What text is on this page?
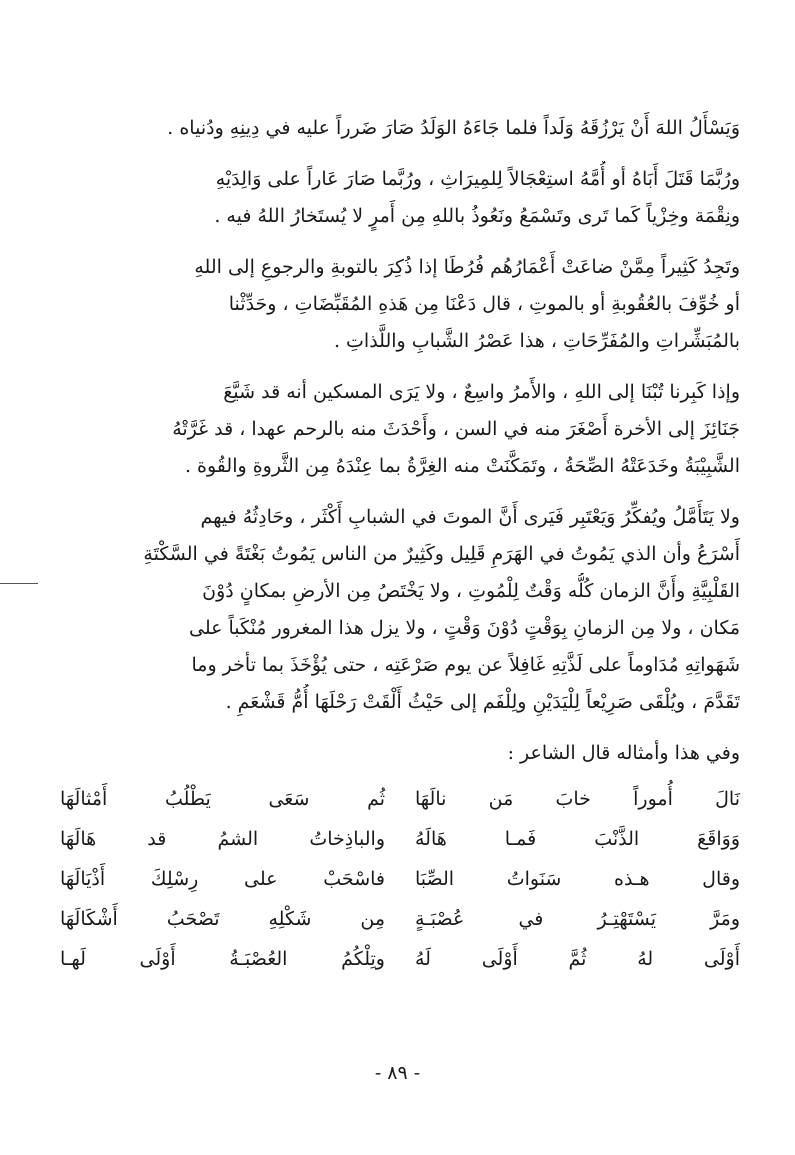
وَيَسْأَلُ اللهَ أَنْ يَرْزُقَهُ وَلَداً فلما جَاءَهُ الوَلَدُ صَارَ ضَرراً عليه في دِينِهِ ودُنياه .

ورُبَّمَا قَتَلَ أَبَاهُ أو أُمَّهُ استِعْجَالاً لِلمِيرَاثِ ، ورُبَّما صَارَ عَاراً على وَالِدَيْهِ
ونِقْمَة وخِزْياً كَما تَرى وتَسْمَعُ ونَعُوذُ باللهِ مِن أَمرٍ لا يُستَخارُ اللهُ فيه .

وتَجِدُ كَثِيراً مِمَّنْ ضاعَتْ أَعْمَارُهُم فُرُطَا إذا ذُكِرَ بالتوبةِ والرجوعِ إلى اللهِ
أو خُوِّفَ بالعُقُوبةِ أو بالموتِ ، قال دَعْنَا مِن هَذهِ المُقَبِّضَاتِ ، وحَدِّثْنا
بالمُبَشِّراتِ والمُفَرِّحَاتِ ، هذا عَصْرُ الشَّبابِ واللَّذاتِ .

وإذا كَبِرنا تُبْنَا إلى اللهِ ، والأَمرُ واسِعٌ ، ولا يَرَى المسكين أنه قد شَيَّعَ
جَنَائِزَ إلى الأخرة أَصْغَرَ منه في السن ، وأَحْدَثَ منه بالرحم عهدا ، قد غَرَّتْهُ
الشَّبِيْبَةُ وخَدَعَتْهُ الصِّحَةُ ، وتَمَكَّنَتْ منه الغِرَّةُ بما عِنْدَهُ مِن الثَّروةِ والقُوة .

ولا يَتَأَمَّلُ ويُفكِّرُ وَيَعْتَبِر فَيَرى أَنَّ الموتَ في الشبابِ أَكْثَر ، وحَادِثُهُ فيهم
أَسْرَعُ وأن الذي يَمُوتُ في الهَرَمِ قَلِيل وكَثِيرٌ من الناس يَمُوتُ بَغْتَةً في السَّكْتَةِ
القَلْبِيَّةِ وأَنَّ الزمان كُلُّه وَقْتٌ لِلْمُوتِ ، ولا يَخْتَصُ مِن الأرضِ بمكانٍ دُوْنَ
مَكان ، ولا مِن الزمانِ بِوَقْتٍ دُوْنَ وَقْتٍ ، ولا يزل هذا المغرور مُنْكَباً على
شَهَواتِهِ مُدَاوماً على لَذَّتِهِ غَافِلاً عن يوم صَرْعَتِه ، حتى يُؤْخَذَ بما تأخر وما
تَقَدَّمَ ، ويُلْقَى صَرِيْعاً لِلْيَدَيْنِ ولِلْفَم إلى حَيْثُ أَلْقَتْ رَحْلَهَا أُمُّ قَشْعَمِ .

وفي هذا وأمثاله قال الشاعر :
نَالَ أُموراً خابَ مَن نالَهَا
ثُم سَعَى يَطْلُبُ أَمْثالَهَا
وَوَاقَعَ الذَّنْبَ فَمـا هَالَهُ
والباذِخاتُ الشمُ قد هَالَهَا
وقال هـذه سَنَواتُ الصِّبَا
فاسْحَبْ على رِسْلِكَ أَذْيَالَهَا
ومَرَّ يَسْتَهْتِـرُ في عُصْبَـةٍ
مِن شَكْلِهِ تَصْحَبُ أَشْكَالَهَا
أَوْلَى لهُ ثُمَّ أَوْلَى لَهُ
وتِلْكُمُ العُصْبَـةُ أَوْلَى لَهـا
- ٨٩ -
